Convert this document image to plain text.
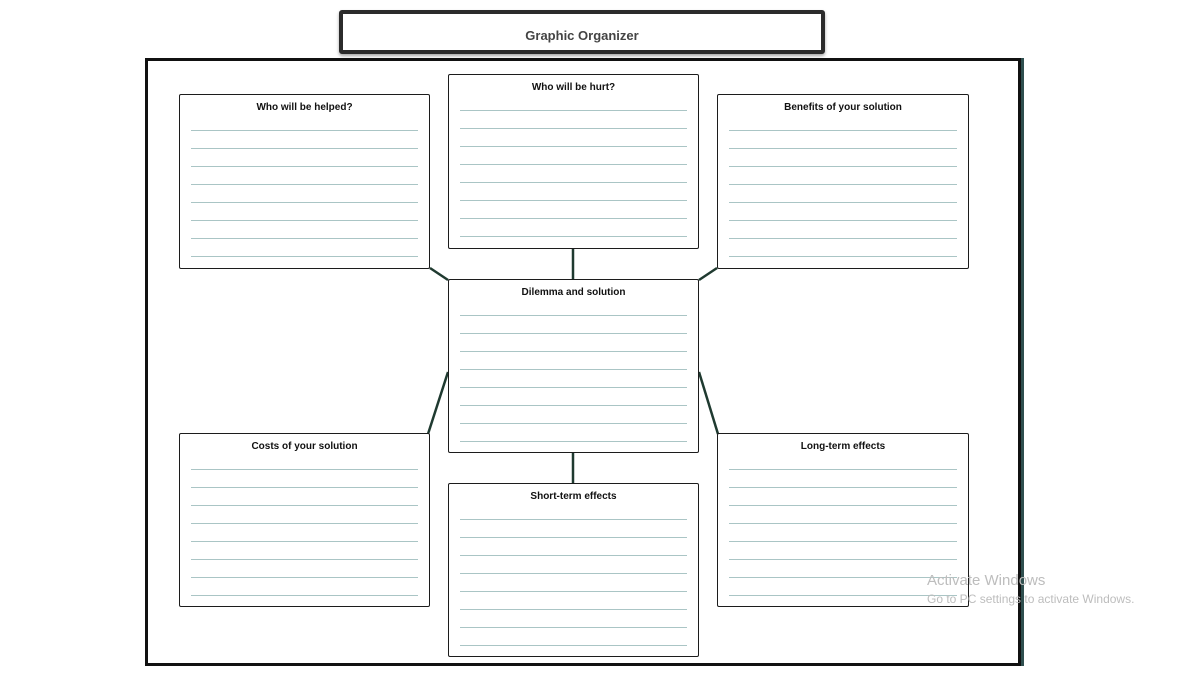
Graphic Organizer
Who will be helped?
Who will be hurt?
Benefits of your solution
Dilemma and solution
Costs of your solution
Short-term effects
Long-term effects
Activate Windows
Go to PC settings to activate Windows.
